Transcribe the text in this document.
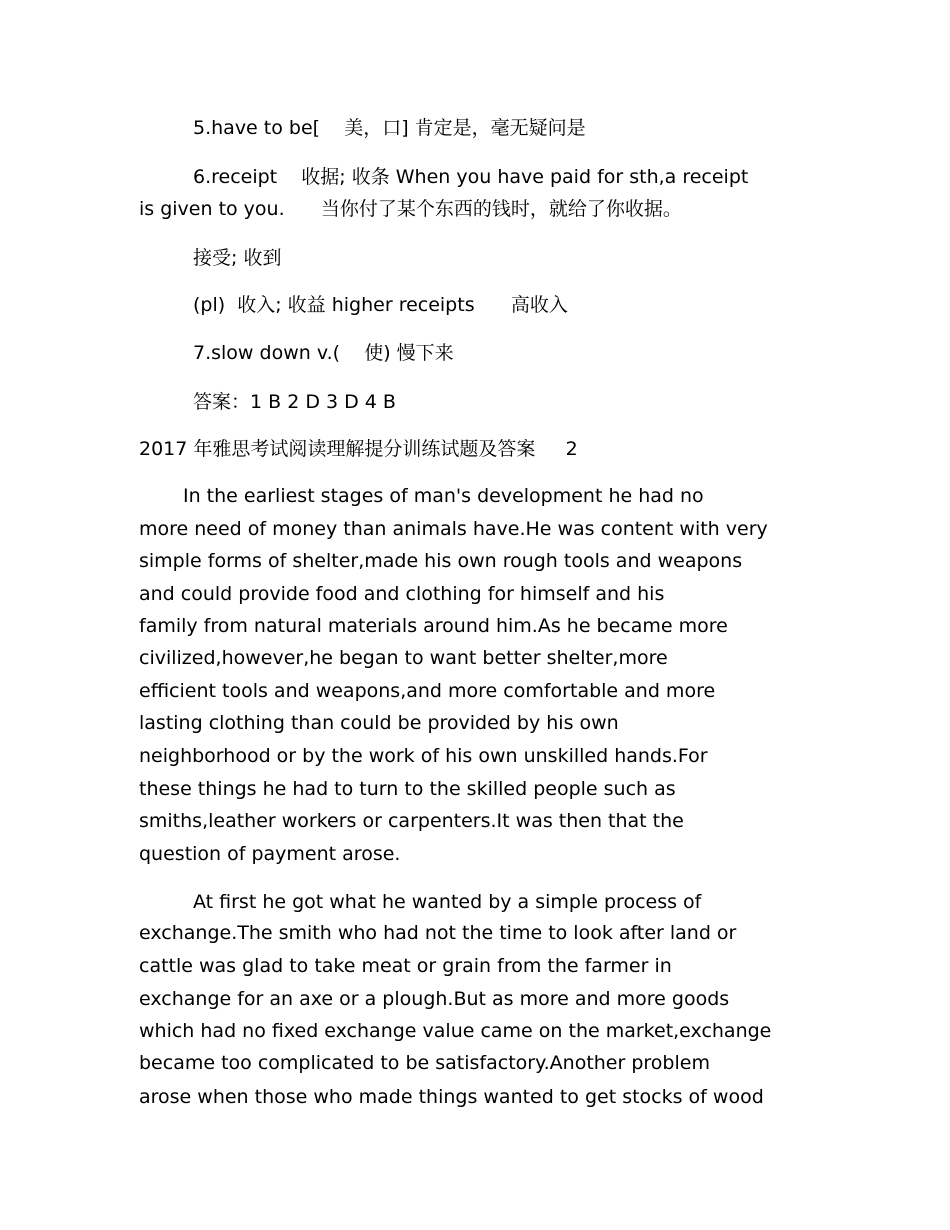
5.have to be[    美，口] 肯定是，毫无疑问是

6.receipt    收据; 收条 When you have paid for sth,a receipt

is given to you.      当你付了某个东西的钱时，就给了你收据。

接受; 收到

(pl)  收入; 收益 higher receipts      高收入

7.slow down v.(    使) 慢下来

答案：1 B 2 D 3 D 4 B

2017 年雅思考试阅读理解提分训练试题及答案     2

In the earliest stages of man's development he had no

more need of money than animals have.He was content with very

simple forms of shelter,made his own rough tools and weapons

and could provide food and clothing for himself and his

family from natural materials around him.As he became more

civilized,however,he began to want better shelter,more

efficient tools and weapons,and more comfortable and more

lasting clothing than could be provided by his own

neighborhood or by the work of his own unskilled hands.For

these things he had to turn to the skilled people such as

smiths,leather workers or carpenters.It was then that the

question of payment arose.

At first he got what he wanted by a simple process of

exchange.The smith who had not the time to look after land or

cattle was glad to take meat or grain from the farmer in

exchange for an axe or a plough.But as more and more goods

which had no fixed exchange value came on the market,exchange

became too complicated to be satisfactory.Another problem

arose when those who made things wanted to get stocks of wood
